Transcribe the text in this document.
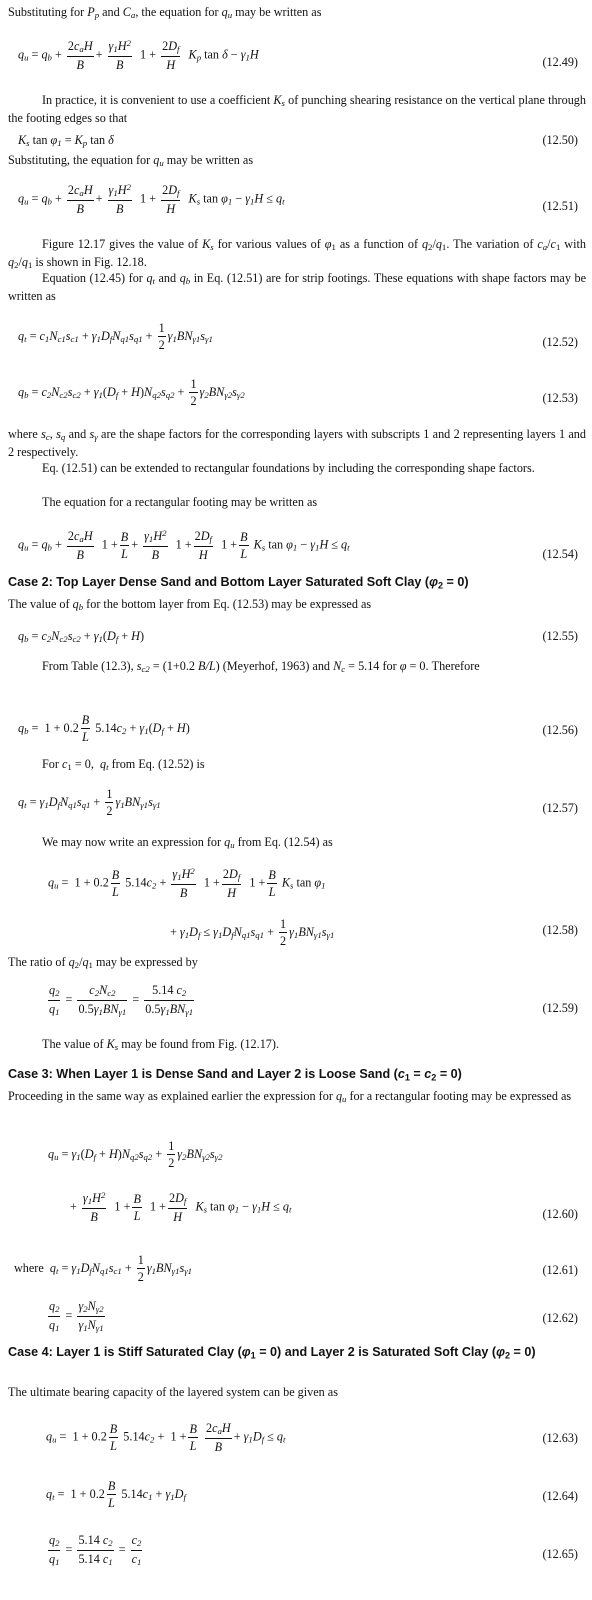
Substituting for $P_p$ and $C_a$, the equation for $q_u$ may be written as
$q_u = q_b + \frac{2c_aH}{B} + \frac{\gamma_1H^2}{B} 1 + \frac{2D_f}{H} K_p$ $\tan \delta - \gamma_1H$
(12.49)
In practice, it is convenient to use a coefficient $K_s$ of punching shearing resistance on the vertical plane through the footing edges so that
$K_s$ $\tan \varphi_1 = K_p$ tan δ	(12.50)
Substituting, the equation for $q_u$ may be written as
$q_u = q_b + \frac{2c_aH}{B} + \frac{\gamma_1H^2}{B} 1 + \frac{2D_f}{H} K_s$ $\tan \varphi_1 - \gamma_1H \le q_t$	(12.51)
Figure 12.17 gives the value of $K_s$ for various values of $\varphi_1$ as a function of $q_2/q_1$. The variation of $c_a/c_1$ with $q_2/q_1$ is shown in Fig. 12.18.
Equation (12.45) for $q_t$ and $q_b$ in Eq. (12.51) are for strip footings. These equations with shape factors may be written as
$q_t = c_1N_{c1}s_{c1} + \gamma_1D_fN_{q1}s_{q1} + \frac{1}{2} \gamma_1BN_{\gamma 1}s_{\gamma 1}$	(12.52)
$q_b = c_2N_{c2}s_{c2} + \gamma_1(D_f + H)N_{q2}s_{q2} + \frac{1}{2} \gamma_2BN_{\gamma 2}s_{\gamma 2}$	(12.53)
where $s_c$, $s_q$ and $s_\gamma$ are the shape factors for the corresponding layers with subscripts 1 and 2 representing layers 1 and 2 respectively.
Eq. (12.51) can be extended to rectangular foundations by including the corresponding shape factors.
The equation for a rectangular footing may be written as
$q_u = q_b + \frac{2c_aH}{B} 1 + \frac{B}{L} + \frac{\gamma_1H^2}{B} 1 + \frac{2D_f}{H} 1 + \frac{B}{L} K_s$ $\tan \varphi_1 - \gamma_1H \le q_t$	(12.54)
Case 2: Top Layer Dense Sand and Bottom Layer Saturated Soft Clay $(\varphi_2 = 0)$
The value of $q_b$ for the bottom layer from Eq. (12.53) may be expressed as
$q_b = c_2N_{c2}s_{c2} + \gamma_1(D_f + H)$	(12.55)
From Table (12.3), $s_{c2} = (1+0.2$ B/L) (Meyerhof, 1963) and $N_c = 5.14$ for φ = 0. Therefore
$q_b = 1 + 0.2 \frac{B}{L} 5.14c_2 + \gamma_1(D_f + H)$	(12.56)
For $c_1 = 0$,  $q_t$ from Eq. (12.52) is
$q_t = \gamma_1D_fN_{q1}s_{q1} + \frac{1}{2} \gamma_1BN_{\gamma 1}s_{\gamma 1}$	(12.57)
We may now write an expression for $q_u$ from Eq. (12.54) as
$q_u = 1 + 0.2 \frac{B}{L} 5.14c_2 + \frac{\gamma_1H^2}{B} 1 + \frac{2D_f}{H} 1 + \frac{B}{L} K_s$ $\tan \varphi_1$
+ $\gamma_1D_f \le \gamma_1D_fN_{q1}s_{q1} + \frac{1}{2} \gamma_1BN_{\gamma 1}s_{\gamma 1}$	(12.58)
The ratio of $q_2/q_1$ may be expressed by
$\frac{q_2}{q_1} = \frac{c_2N_{c2}}{0.5\gamma_1BN_{\gamma 1}} = \frac{5.14 c_2}{0.5\gamma_1BN_{\gamma 1}}$	(12.59)
The value of $K_s$ may be found from Fig. (12.17).
Case 3: When Layer 1 is Dense Sand and Layer 2 is Loose Sand $(c_1 = c_2 = 0)$
Proceeding in the same way as explained earlier the expression for $q_u$ for a rectangular footing may be expressed as
$q_u = \gamma_1(D_f + H)N_{q2}s_{q2} + \frac{1}{2} \gamma_2BN_{\gamma 2}s_{\gamma 2}$
+ $\frac{\gamma_1H^2}{B} 1 + \frac{B}{L} 1 + \frac{2D_f}{H} K_s$ $\tan \varphi_1 - \gamma_1H \le q_t$	(12.60)
where  $q_t = \gamma_1D_fN_{q1}s_{c1} + \frac{1}{2} \gamma_1BN_{\gamma 1}s_{\gamma 1}$	(12.61)
$\frac{q_2}{q_1} = \frac{\gamma_2N_{\gamma 2}}{\gamma_1N_{\gamma 1}}$	(12.62)
Case 4: Layer 1 is Stiff Saturated Clay $(\varphi_1 = 0)$ and Layer 2 is Saturated Soft Clay $(\varphi_2 = 0)$
The ultimate bearing capacity of the layered system can be given as
$q_u = 1 + 0.2 \frac{B}{L} 5.14c_2 + 1 + \frac{B}{L}$
$\frac{2c_aH}{B} + \gamma_1D_f \le q_t$	(12.63)
$q_t = 1 + 0.2 \frac{B}{L} 5.14c_1 + \gamma_1D_f$	(12.64)
$\frac{q_2}{q_1} = \frac{5.14 c_2}{5.14 c_1} = \frac{c_2}{c_1}$	(12.65)
